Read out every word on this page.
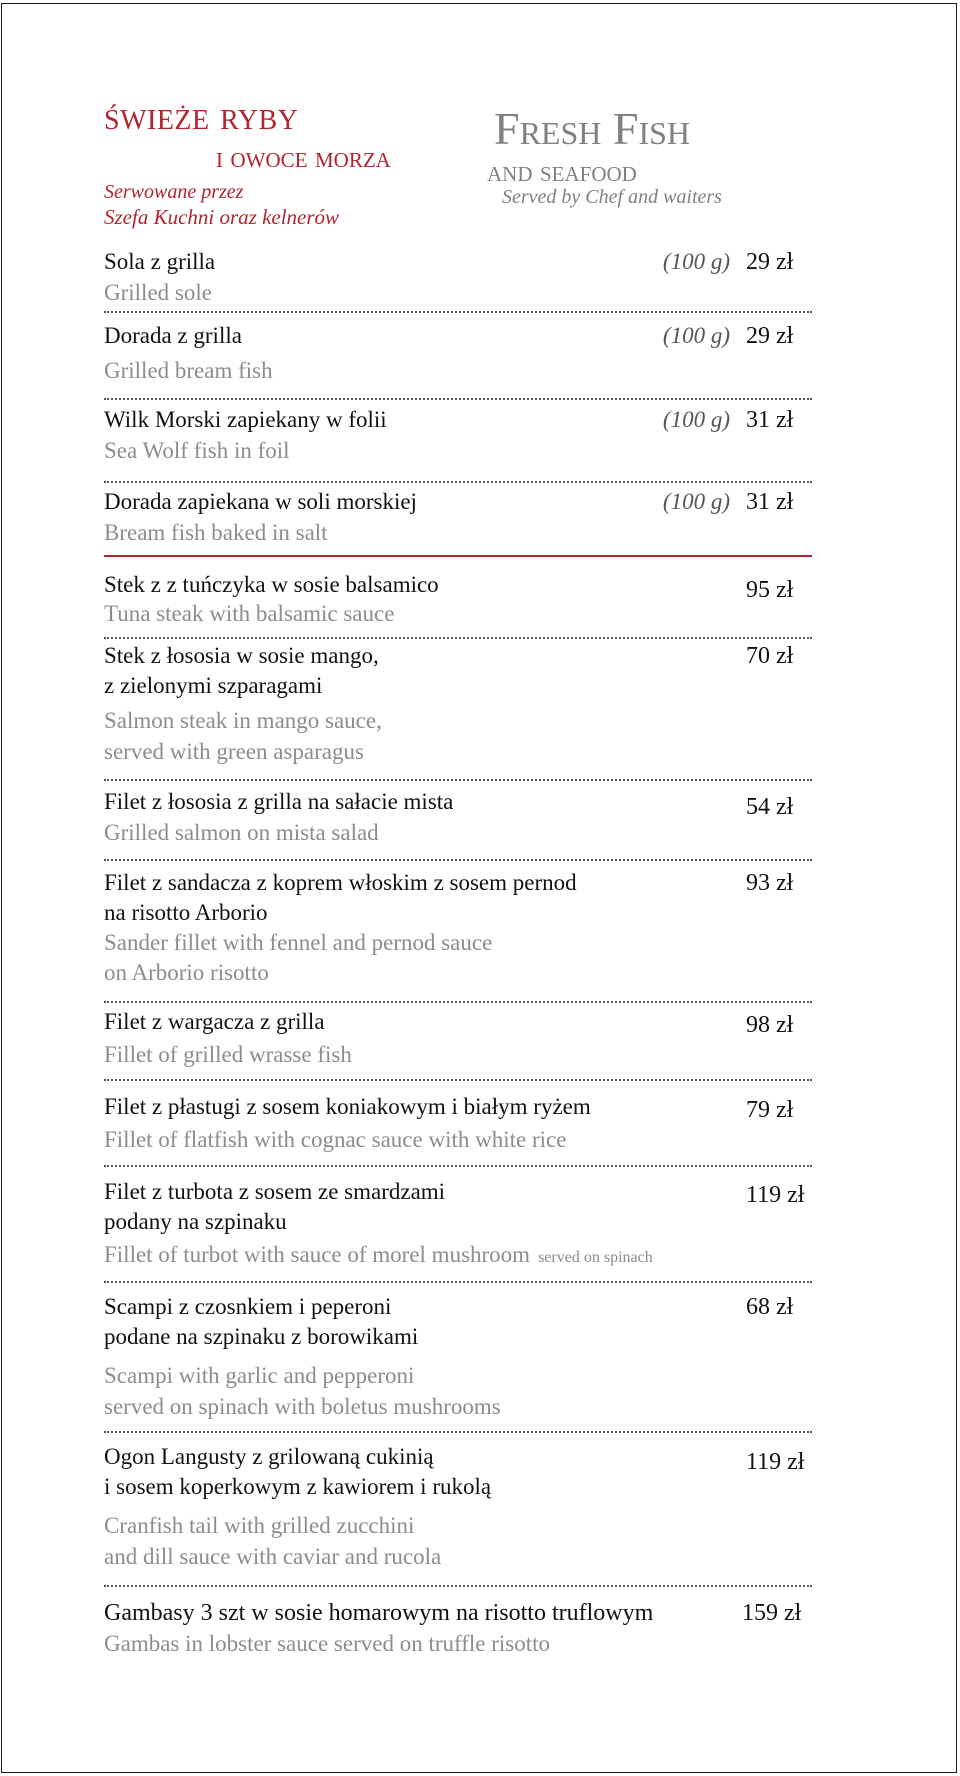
świeże ryby
i owoce morza
Serwowane przez
Szefa Kuchni oraz kelnerów
Fresh Fish
and seafood
Served by Chef and waiters
Sola z grilla
Grilled sole
(100 g) 29 zł
Dorada z grilla
Grilled bream fish
(100 g) 29 zł
Wilk Morski zapiekany w folii
Sea Wolf fish in foil
(100 g) 31 zł
Dorada zapiekana w soli morskiej
Bream fish baked in salt
(100 g) 31 zł
Stek z z tuńczyka w sosie balsamico
Tuna steak with balsamic sauce
95 zł
Stek z łososia w sosie mango,
z zielonymi szparagami
Salmon steak in mango sauce,
served with green asparagus
70 zł
Filet z łososia z grilla na sałacie mista
Grilled salmon on mista salad
54 zł
Filet z sandacza z koprem włoskim z sosem pernod
na risotto Arborio
Sander fillet with fennel and pernod sauce
on Arborio risotto
93 zł
Filet z wargacza z grilla
Fillet of grilled wrasse fish
98 zł
Filet z płastugi z sosem koniakowym i białym ryżem
Fillet of flatfish with cognac sauce with white rice
79 zł
Filet z turbota z sosem ze smardzami
podany na szpinaku
Fillet of turbot with sauce of morel mushroom served on spinach
119 zł
Scampi z czosnkiem i peperoni
podane na szpinaku z borowikami
Scampi with garlic and pepperoni
served on spinach with boletus mushrooms
68 zł
Ogon Langusty z grilowaną cukinią
i sosem koperkowym z kawiorem i rukolą
Cranfish tail with grilled zucchini
and dill sauce with caviar and rucola
119 zł
Gambasy 3 szt w sosie homarowym na risotto truflowym
Gambas in lobster sauce served on truffle risotto
159 zł
